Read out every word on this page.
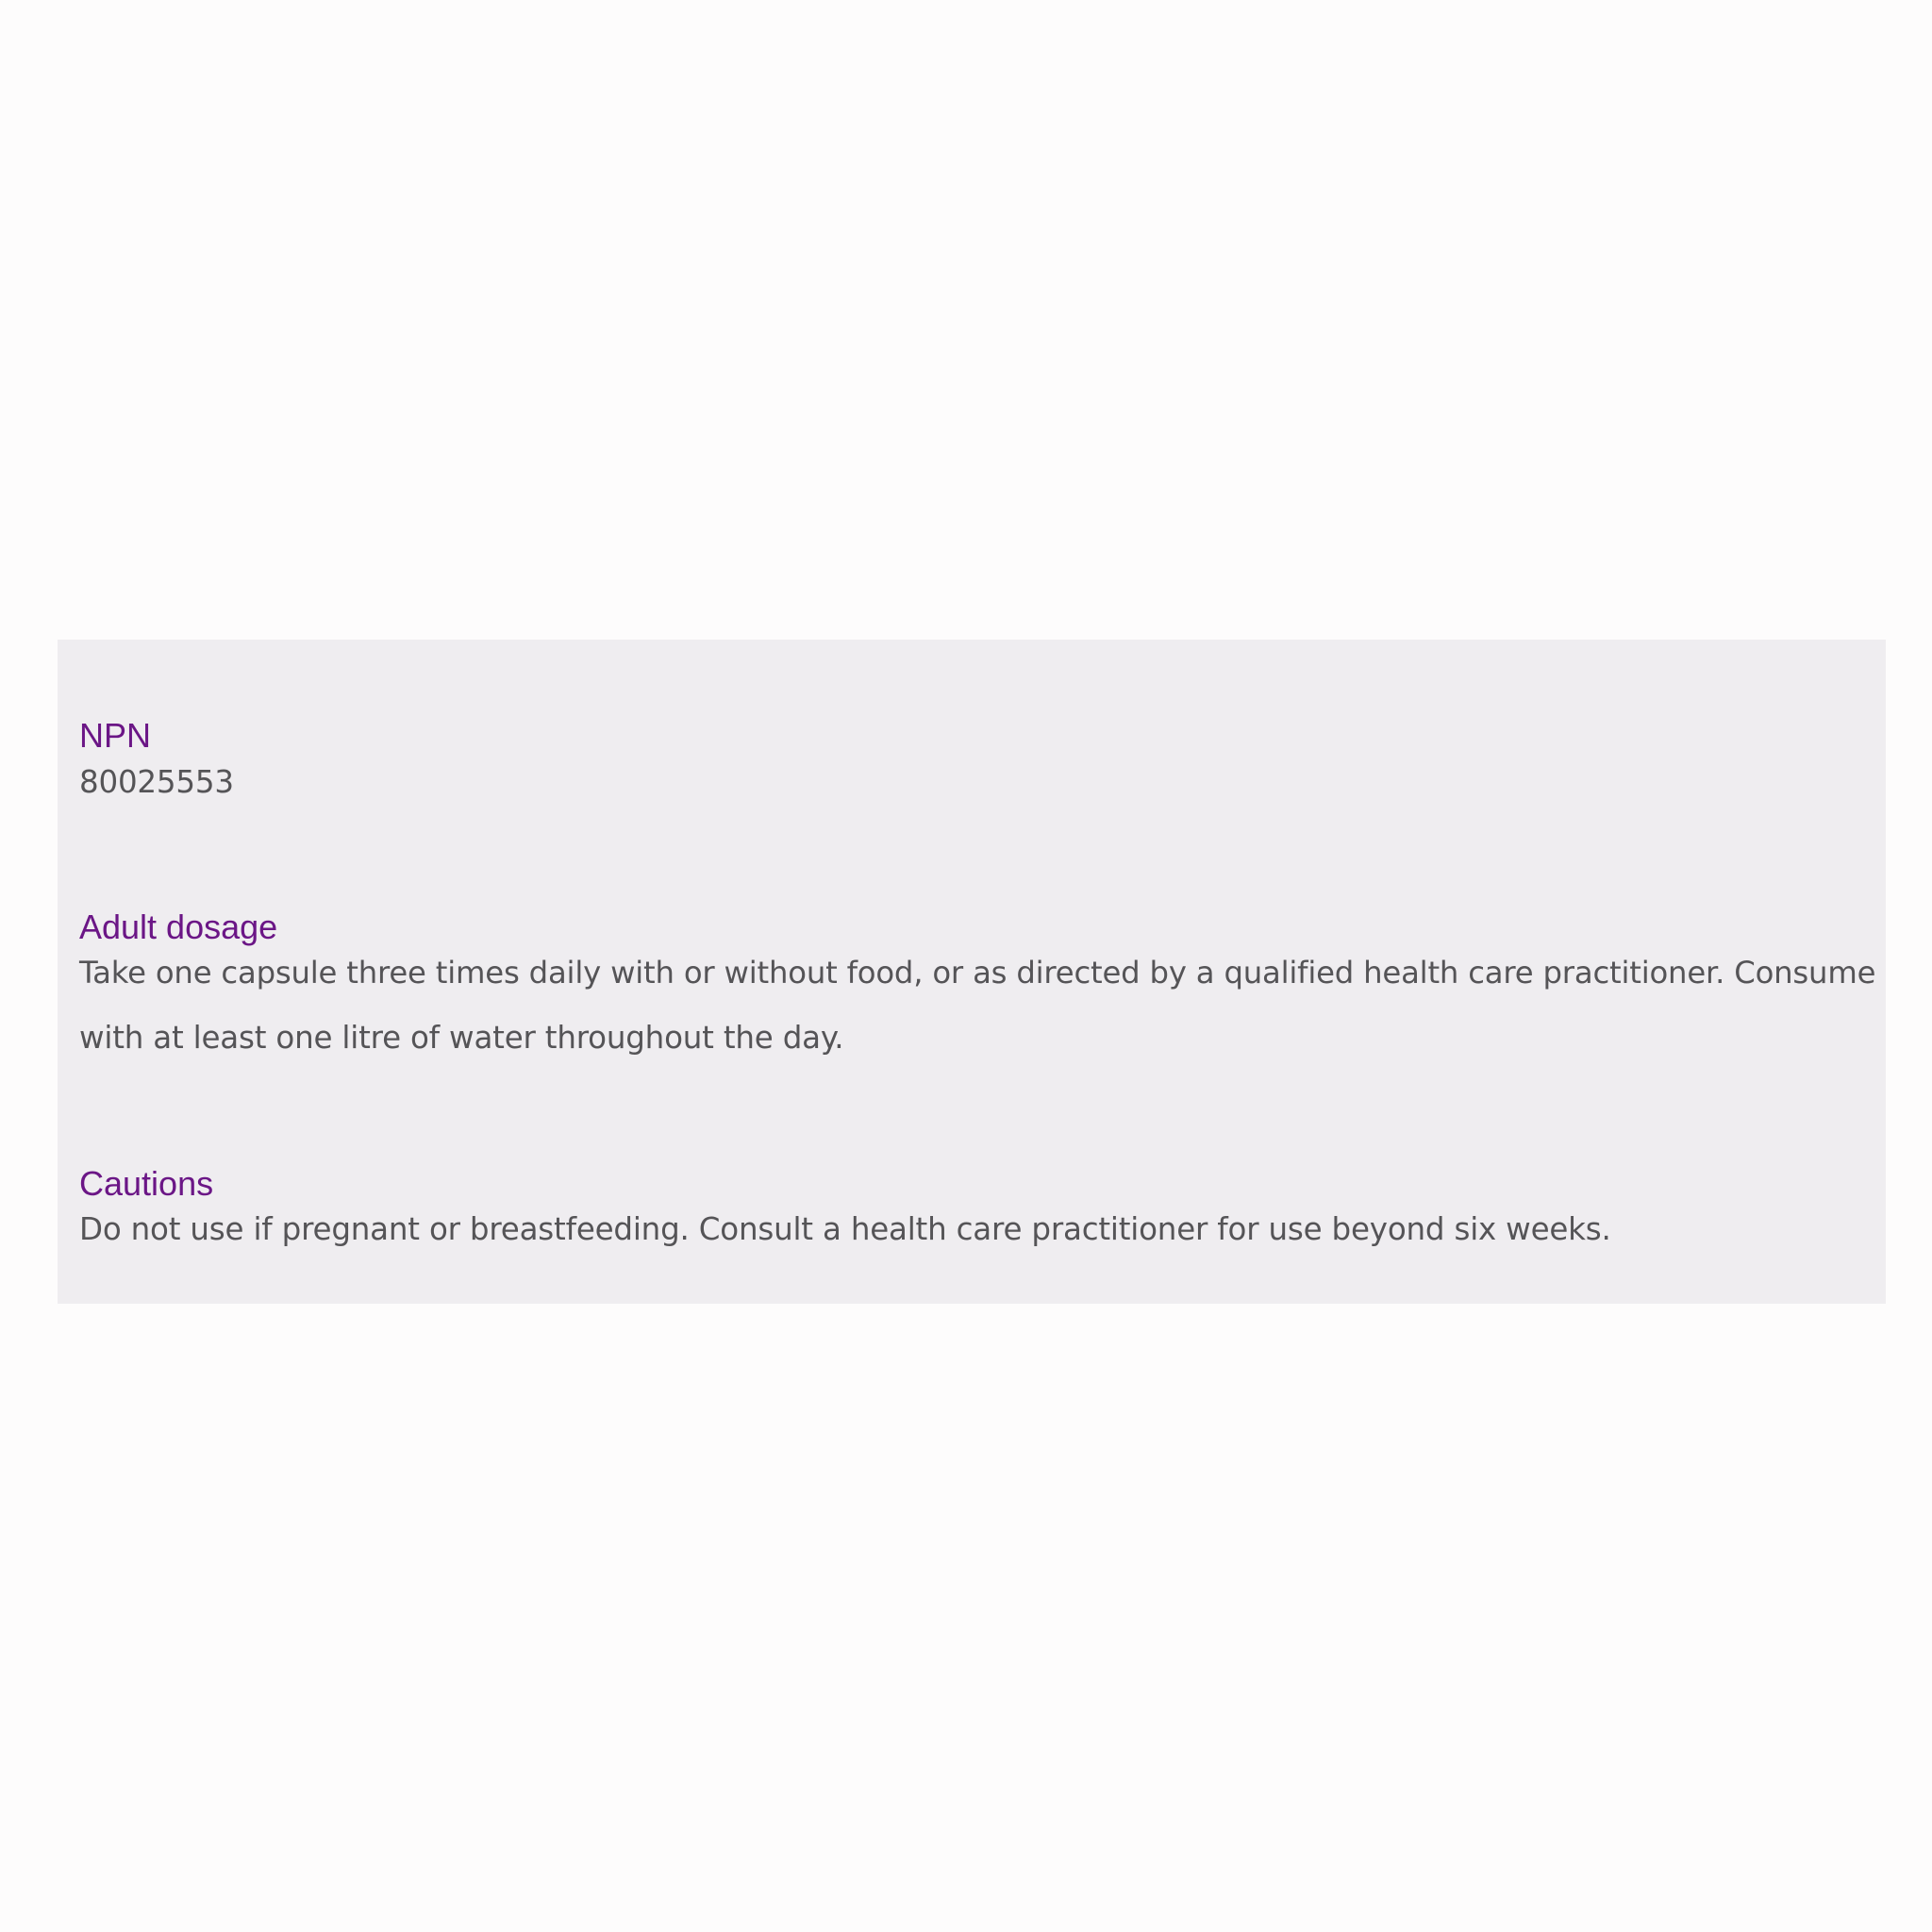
NPN

80025553

Adult dosage

Take one capsule three times daily with or without food, or as directed by a qualified health care practitioner. Consume
with at least one litre of water throughout the day.

Cautions

Do not use if pregnant or breastfeeding. Consult a health care practitioner for use beyond six weeks.
